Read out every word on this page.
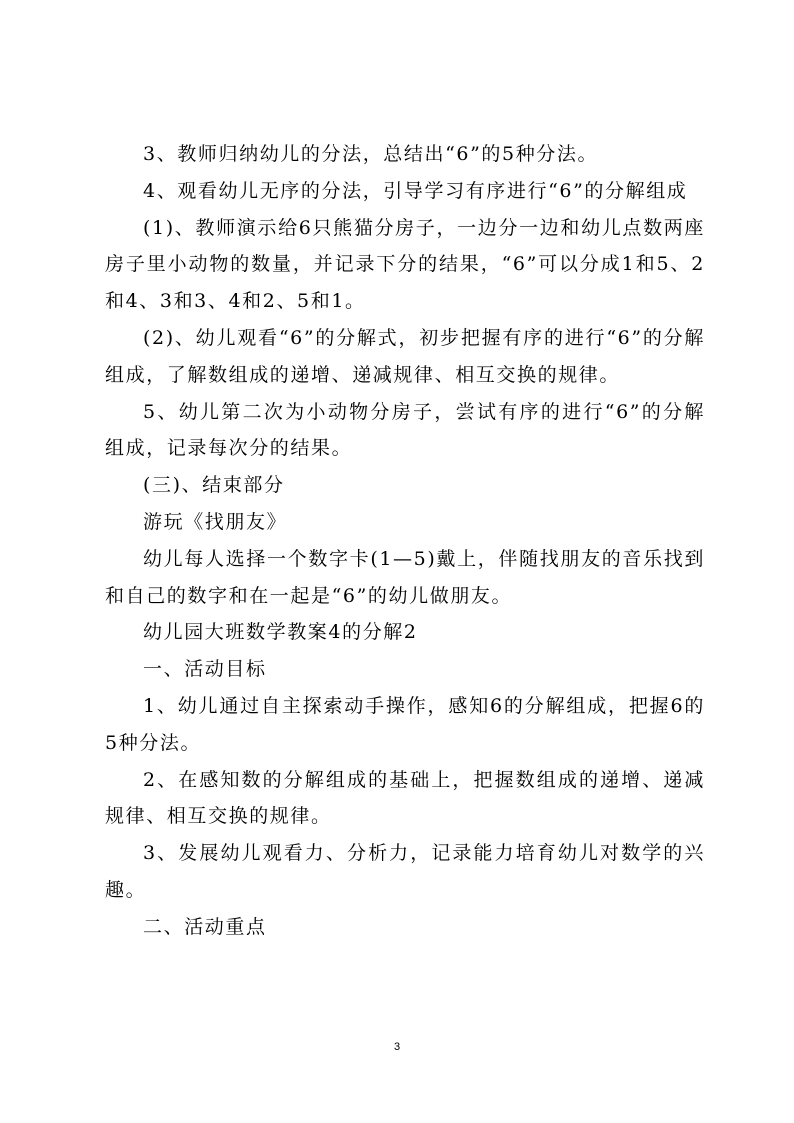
3、教师归纳幼儿的分法，总结出“6”的5种分法。

4、观看幼儿无序的分法，引导学习有序进行“6”的分解组成

(1)、教师演示给6只熊猫分房子，一边分一边和幼儿点数两座房子里小动物的数量，并记录下分的结果，“6”可以分成1和5、2和4、3和3、4和2、5和1。

(2)、幼儿观看“6”的分解式，初步把握有序的进行“6”的分解组成，了解数组成的递增、递减规律、相互交换的规律。

5、幼儿第二次为小动物分房子，尝试有序的进行“6”的分解组成，记录每次分的结果。

(三)、结束部分

游玩《找朋友》

幼儿每人选择一个数字卡(1—5)戴上，伴随找朋友的音乐找到和自己的数字和在一起是“6”的幼儿做朋友。

幼儿园大班数学教案4的分解2

一、活动目标

1、幼儿通过自主探索动手操作，感知6的分解组成，把握6的5种分法。

2、在感知数的分解组成的基础上，把握数组成的递增、递减规律、相互交换的规律。

3、发展幼儿观看力、分析力，记录能力培育幼儿对数学的兴趣。

二、活动重点

3
